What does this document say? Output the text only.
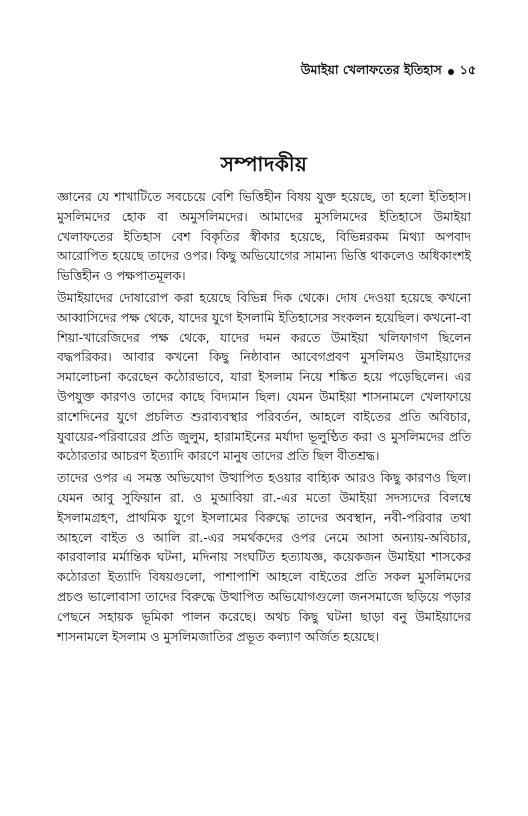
উমাইয়া খেলাফতের ইতিহাস ১৫
সম্পাদকীয়

জ্ঞানের যে শাখাটিতে সবচেয়ে বেশি ভিত্তিহীন বিষয় যুক্ত হয়েছে, তা হলো ইতিহাস। মুসলিমদের হোক বা অমুসলিমদের। আমাদের মুসলিমদের ইতিহাসে উমাইয়া খেলাফতের ইতিহাস বেশ বিকৃতির স্বীকার হয়েছে, বিভিন্নরকম মিথ্যা অপবাদ আরোপিত হয়েছে তাদের ওপর। কিছু অভিযোগের সামান্য ভিত্তি থাকলেও অধিকাংশই ভিত্তিহীন ও পক্ষপাতমূলক।

উমাইয়াদের দোষারোপ করা হয়েছে বিভিন্ন দিক থেকে। দোষ দেওয়া হয়েছে কখনো আব্বাসিদের পক্ষ থেকে, যাদের যুগে ইসলামি ইতিহাসের সংকলন হয়েছিল। কখনো-বা শিয়া-খারেজিদের পক্ষ থেকে, যাদের দমন করতে উমাইয়া খলিফাগণ ছিলেন বদ্ধপরিকর। আবার কখনো কিছু নিষ্ঠাবান আবেগপ্রবণ মুসলিমও উমাইয়াদের সমালোচনা করেছেন কঠোরভাবে, যারা ইসলাম নিয়ে শঙ্কিত হয়ে পড়েছিলেন। এর উপযুক্ত কারণও তাদের কাছে বিদ্যমান ছিল। যেমন উমাইয়া শাসনামলে খেলাফায়ে রাশেদিনের যুগে প্রচলিত শুরাব্যবস্থার পরিবর্তন, আহলে বাইতের প্রতি অবিচার, যুবায়ের-পরিবারের প্রতি জুলুম, হারামাইনের মর্যাদা ভূলুণ্ঠিত করা ও মুসলিমদের প্রতি কঠোরতার আচরণ ইত্যাদি কারণে মানুষ তাদের প্রতি ছিল বীতশ্রদ্ধ।

তাদের ওপর এ সমস্ত অভিযোগ উত্থাপিত হওয়ার বাহ্যিক আরও কিছু কারণও ছিল। যেমন আবু সুফিয়ান রা. ও মুআবিয়া রা.-এর মতো উমাইয়া সদস্যদের বিলম্বে ইসলামগ্রহণ, প্রাথমিক যুগে ইসলামের বিরুদ্ধে তাদের অবস্থান, নবী-পরিবার তথা আহলে বাইত ও আলি রা.-এর সমর্থকদের ওপর নেমে আসা অন্যায়-অবিচার, কারবালার মর্মান্তিক ঘটনা, মদিনায় সংঘটিত হত্যাযজ্ঞ, কয়েকজন উমাইয়া শাসকের কঠোরতা ইত্যাদি বিষয়গুলো, পাশাপাশি আহলে বাইতের প্রতি সকল মুসলিমদের প্রচণ্ড ভালোবাসা তাদের বিরুদ্ধে উত্থাপিত অভিযোগগুলো জনসমাজে ছড়িয়ে পড়ার পেছনে সহায়ক ভূমিকা পালন করেছে। অথচ কিছু ঘটনা ছাড়া বনু উমাইয়াদের শাসনামলে ইসলাম ও মুসলিমজাতির প্রভূত কল্যাণ অর্জিত হয়েছে।
